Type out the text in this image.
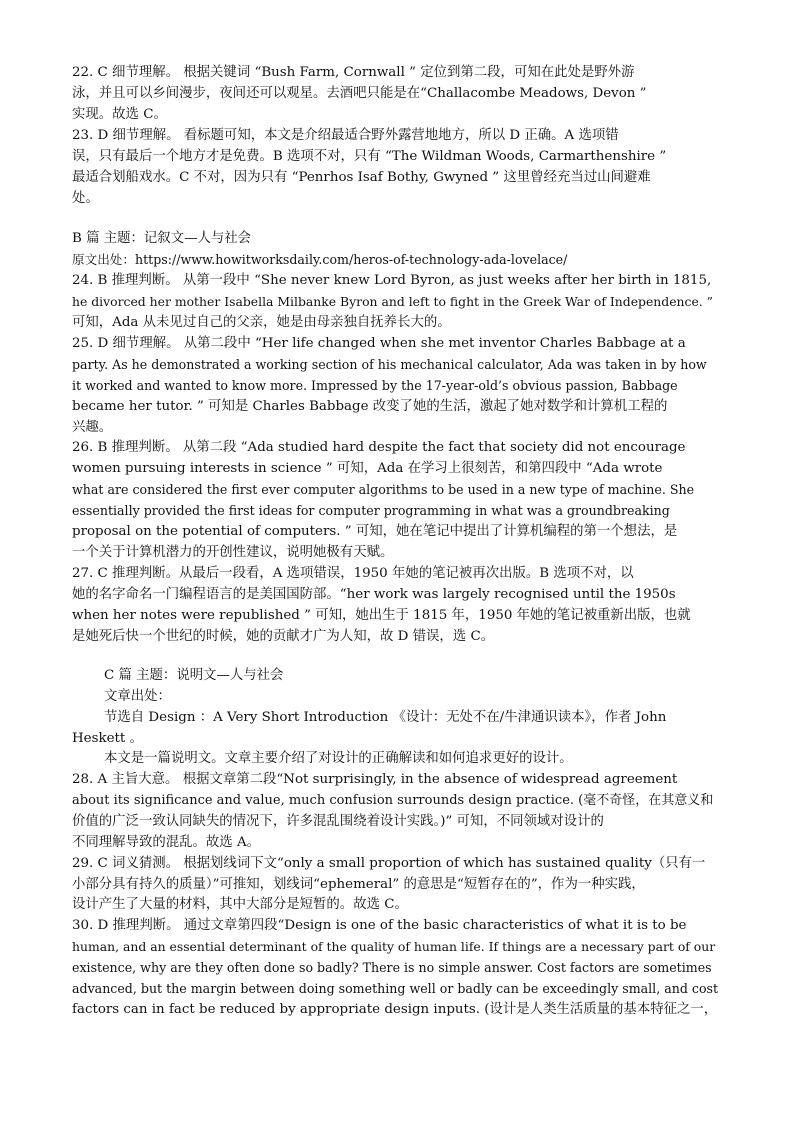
22. C 细节理解。 根据关键词 “Bush Farm, Cornwall ” 定位到第二段，可知在此处是野外游
泳，并且可以乡间漫步，夜间还可以观星。去酒吧只能是在“Challacombe Meadows, Devon ”
实现。故选 C。
23. D 细节理解。 看标题可知，本文是介绍最适合野外露营地地方，所以 D 正确。A 选项错
误，只有最后一个地方才是免费。B 选项不对，只有 “The Wildman Woods, Carmarthenshire ”
最适合划船戏水。C 不对，因为只有 “Penrhos Isaf Bothy, Gwyned ” 这里曾经充当过山间避难
处。
B 篇 主题：记叙文—人与社会
原文出处：https://www.howitworksdaily.com/heros-of-technology-ada-lovelace/
24. B 推理判断。 从第一段中 “She never knew Lord Byron, as just weeks after her birth in 1815,
he divorced her mother Isabella Milbanke Byron and left to fight in the Greek War of Independence. ”
可知，Ada 从未见过自己的父亲，她是由母亲独自抚养长大的。
25. D 细节理解。 从第二段中 “Her life changed when she met inventor Charles Babbage at a
party. As he demonstrated a working section of his mechanical calculator, Ada was taken in by how
it worked and wanted to know more. Impressed by the 17-year-old’s obvious passion, Babbage
became her tutor. ” 可知是 Charles Babbage 改变了她的生活，激起了她对数学和计算机工程的
兴趣。
26. B 推理判断。 从第二段 “Ada studied hard despite the fact that society did not encourage
women pursuing interests in science ” 可知，Ada 在学习上很刻苦，和第四段中 “Ada wrote
what are considered the first ever computer algorithms to be used in a new type of machine. She
essentially provided the first ideas for computer programming in what was a groundbreaking
proposal on the potential of computers. ” 可知，她在笔记中提出了计算机编程的第一个想法，是
一个关于计算机潜力的开创性建议，说明她极有天赋。
27. C 推理判断。从最后一段看，A 选项错误，1950 年她的笔记被再次出版。B 选项不对，以
她的名字命名一门编程语言的是美国国防部。“her work was largely recognised until the 1950s
when her notes were republished ” 可知，她出生于 1815 年，1950 年她的笔记被重新出版，也就
是她死后快一个世纪的时候，她的贡献才广为人知，故 D 错误，选 C。
C 篇 主题：说明文—人与社会
文章出处：
节选自 Design ：A Very Short Introduction 《设计：无处不在/牛津通识读本》，作者 John
Heskett 。
本文是一篇说明文。文章主要介绍了对设计的正确解读和如何追求更好的设计。
28. A 主旨大意。 根据文章第二段“Not surprisingly, in the absence of widespread agreement
about its significance and value, much confusion surrounds design practice. (毫不奇怪，在其意义和
价值的广泛一致认同缺失的情况下，许多混乱围绕着设计实践。)” 可知，不同领域对设计的
不同理解导致的混乱。故选 A。
29. C 词义猜测。 根据划线词下文“only a small proportion of which has sustained quality（只有一
小部分具有持久的质量）”可推知，划线词“ephemeral” 的意思是“短暂存在的”，作为一种实践，
设计产生了大量的材料，其中大部分是短暂的。故选 C。
30. D 推理判断。 通过文章第四段“Design is one of the basic characteristics of what it is to be
human, and an essential determinant of the quality of human life. If things are a necessary part of our
existence, why are they often done so badly? There is no simple answer. Cost factors are sometimes
advanced, but the margin between doing something well or badly can be exceedingly small, and cost
factors can in fact be reduced by appropriate design inputs. (设计是人类生活质量的基本特征之一，
